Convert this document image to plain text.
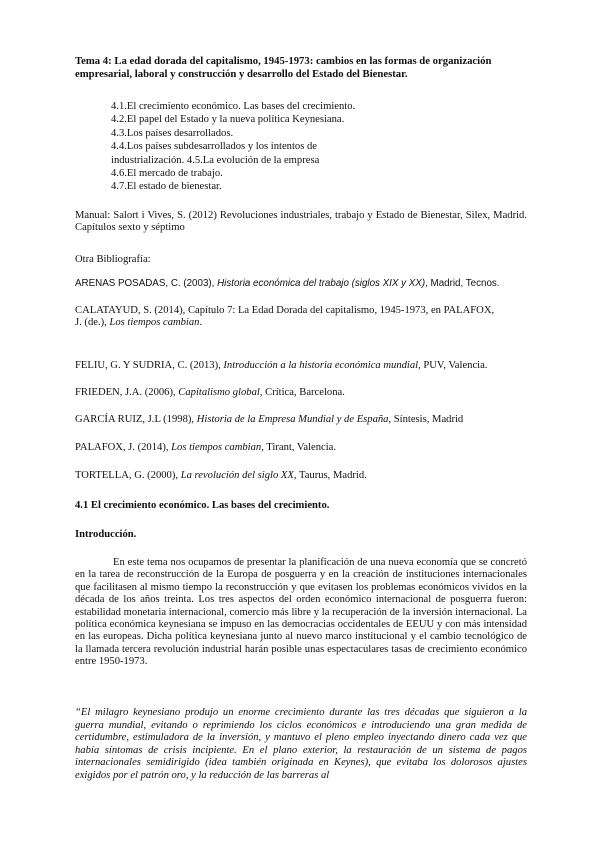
Tema 4: La edad dorada del capitalismo, 1945-1973: cambios en las formas de organización empresarial, laboral y construcción y desarrollo del Estado del Bienestar.

4.1.El crecimiento económico. Las bases del crecimiento.
4.2.El papel del Estado y la nueva política Keynesiana.
4.3.Los países desarrollados.
4.4.Los países subdesarrollados y los intentos de
industrialización. 4.5.La evolución de la empresa
4.6.El mercado de trabajo.
4.7.El estado de bienestar.

Manual: Salort i Vives, S. (2012) Revoluciones industriales, trabajo y Estado de Bienestar, Silex, Madrid. Capítulos sexto y séptimo

Otra Bibliografía:

ARENAS POSADAS, C. (2003), Historia económica del trabajo (siglos XIX y XX), Madrid, Tecnos.

CALATAYUD, S. (2014), Capítulo 7: La Edad Dorada del capitalismo, 1945-1973, en PALAFOX,
J. (de.), Los tiempos cambian.

FELIU, G. Y SUDRIA, C. (2013), Introducción a la historia económica mundial, PUV, Valencia.

FRIEDEN, J.A. (2006), Capitalismo global, Crítica, Barcelona.

GARCÍA RUIZ, J.L (1998), Historia de la Empresa Mundial y de España, Síntesis, Madrid

PALAFOX, J. (2014), Los tiempos cambian, Tirant, Valencia.

TORTELLA, G. (2000), La revolución del siglo XX, Taurus, Madrid.

4.1 El crecimiento económico. Las bases del crecimiento.

Introducción.

En este tema nos ocupamos de presentar la planificación de una nueva economía que se concretó en la tarea de reconstrucción de la Europa de posguerra y en la creación de instituciones internacionales que facilitasen al mismo tiempo la reconstrucción y que evitasen los problemas económicos vividos en la década de los años treinta. Los tres aspectos del orden económico internacional de posguerra fueron: estabilidad monetaria internacional, comercio más libre y la recuperación de la inversión internacional. La política económica keynesiana se impuso en las democracias occidentales de EEUU y con más intensidad en las europeas. Dicha política keynesiana junto al nuevo marco institucional y el cambio tecnológico de la llamada tercera revolución industrial harán posible unas espectaculares tasas de crecimiento económico entre 1950-1973.

“El milagro keynesiano produjo un enorme crecimiento durante las tres décadas que siguieron a la guerra mundial, evitando o reprimiendo los ciclos económicos e introduciendo una gran medida de certidumbre, estimuladora de la inversión, y mantuvo el pleno empleo inyectando dinero cada vez que había síntomas de crisis incipiente. En el plano exterior, la restauración de un sistema de pagos internacionales semidirigido (idea también originada en Keynes), que evitaba los dolorosos ajustes exigidos por el patrón oro, y la reducción de las barreras al
